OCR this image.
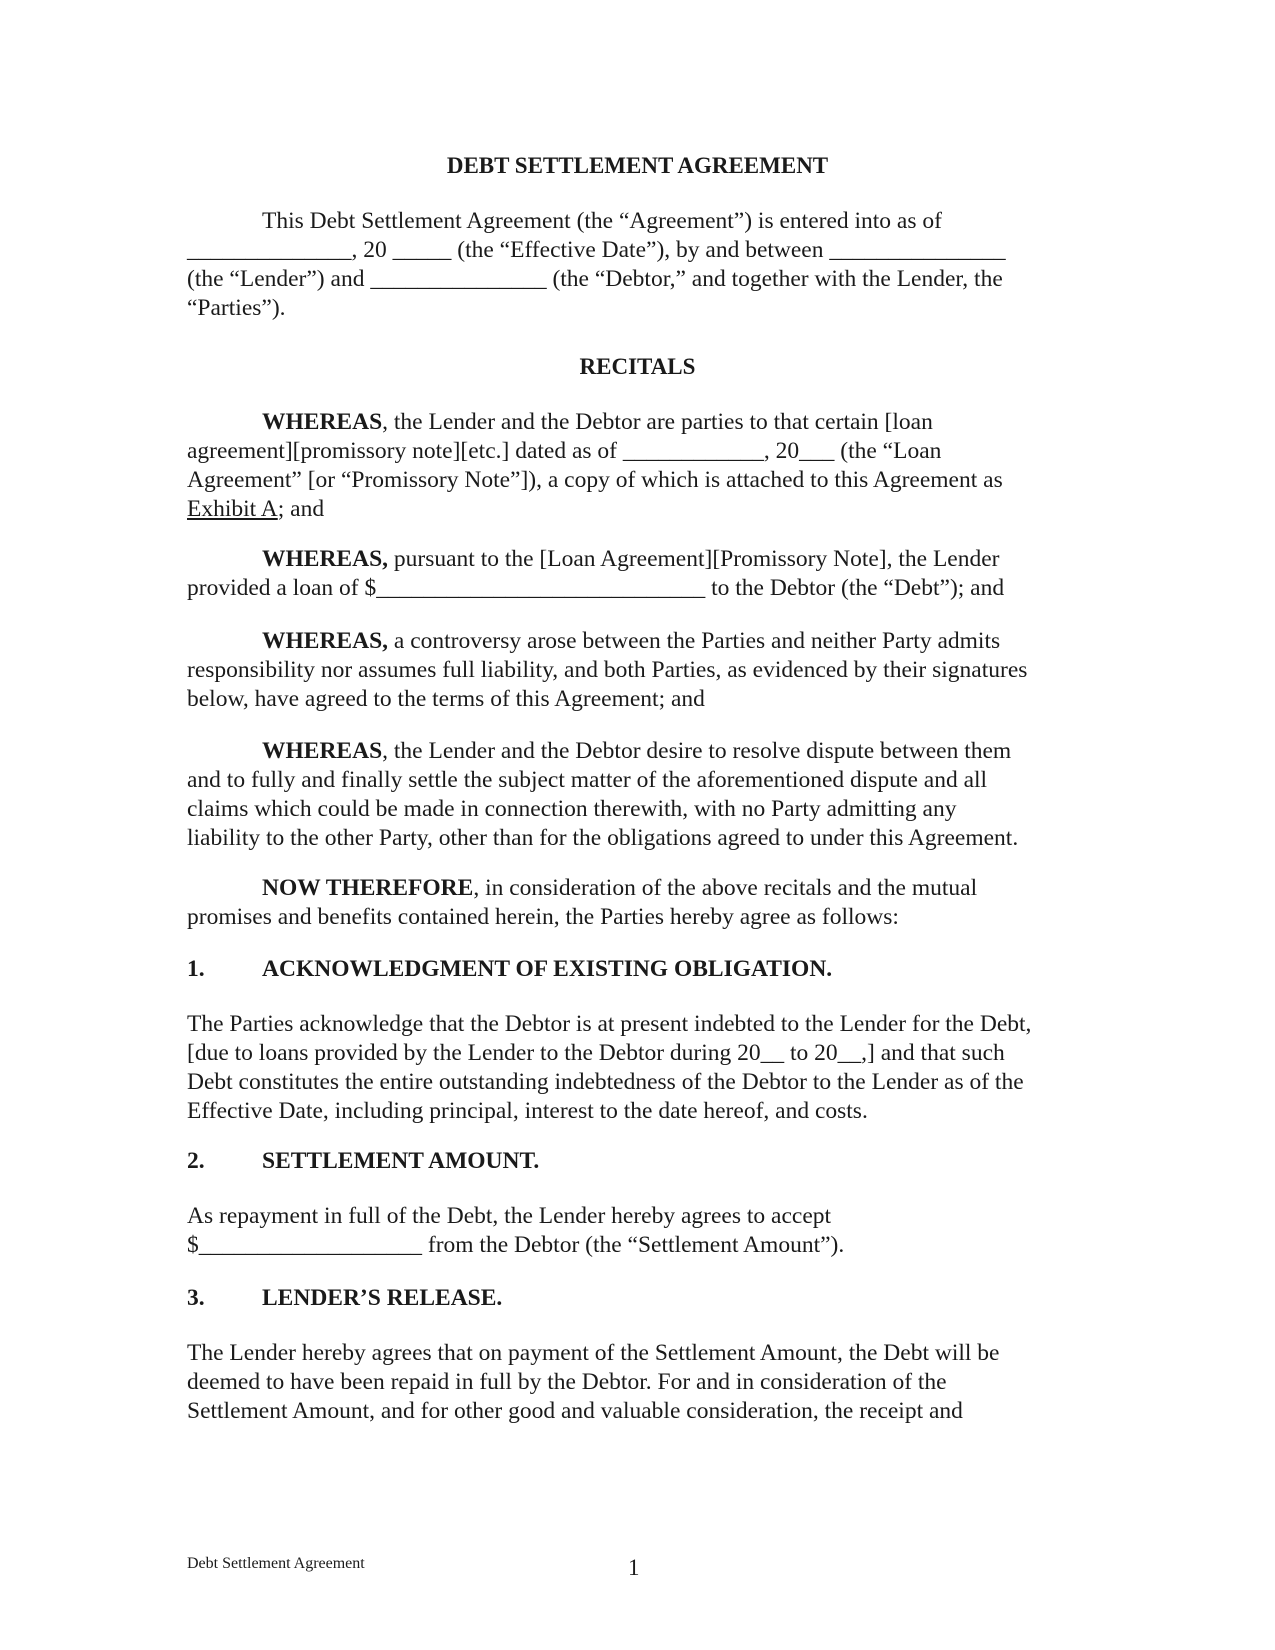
DEBT SETTLEMENT AGREEMENT
This Debt Settlement Agreement (the “Agreement”) is entered into as of
______________, 20 _____ (the “Effective Date”), by and between _______________
(the “Lender”) and _______________ (the “Debtor,” and together with the Lender, the
“Parties”).
RECITALS
WHEREAS, the Lender and the Debtor are parties to that certain [loan
agreement][promissory note][etc.] dated as of ____________, 20___ (the “Loan
Agreement” [or “Promissory Note”]), a copy of which is attached to this Agreement as
Exhibit A; and
WHEREAS, pursuant to the [Loan Agreement][Promissory Note], the Lender
provided a loan of $____________________________ to the Debtor (the “Debt”); and
WHEREAS, a controversy arose between the Parties and neither Party admits
responsibility nor assumes full liability, and both Parties, as evidenced by their signatures
below, have agreed to the terms of this Agreement; and
WHEREAS, the Lender and the Debtor desire to resolve dispute between them
and to fully and finally settle the subject matter of the aforementioned dispute and all
claims which could be made in connection therewith, with no Party admitting any
liability to the other Party, other than for the obligations agreed to under this Agreement.
NOW THEREFORE, in consideration of the above recitals and the mutual
promises and benefits contained herein, the Parties hereby agree as follows:
1. ACKNOWLEDGMENT OF EXISTING OBLIGATION.
The Parties acknowledge that the Debtor is at present indebted to the Lender for the Debt,
[due to loans provided by the Lender to the Debtor during 20__ to 20__,] and that such
Debt constitutes the entire outstanding indebtedness of the Debtor to the Lender as of the
Effective Date, including principal, interest to the date hereof, and costs.
2. SETTLEMENT AMOUNT.
As repayment in full of the Debt, the Lender hereby agrees to accept
$___________________ from the Debtor (the “Settlement Amount”).
3. LENDER’S RELEASE.
The Lender hereby agrees that on payment of the Settlement Amount, the Debt will be
deemed to have been repaid in full by the Debtor. For and in consideration of the
Settlement Amount, and for other good and valuable consideration, the receipt and
Debt Settlement Agreement	1
